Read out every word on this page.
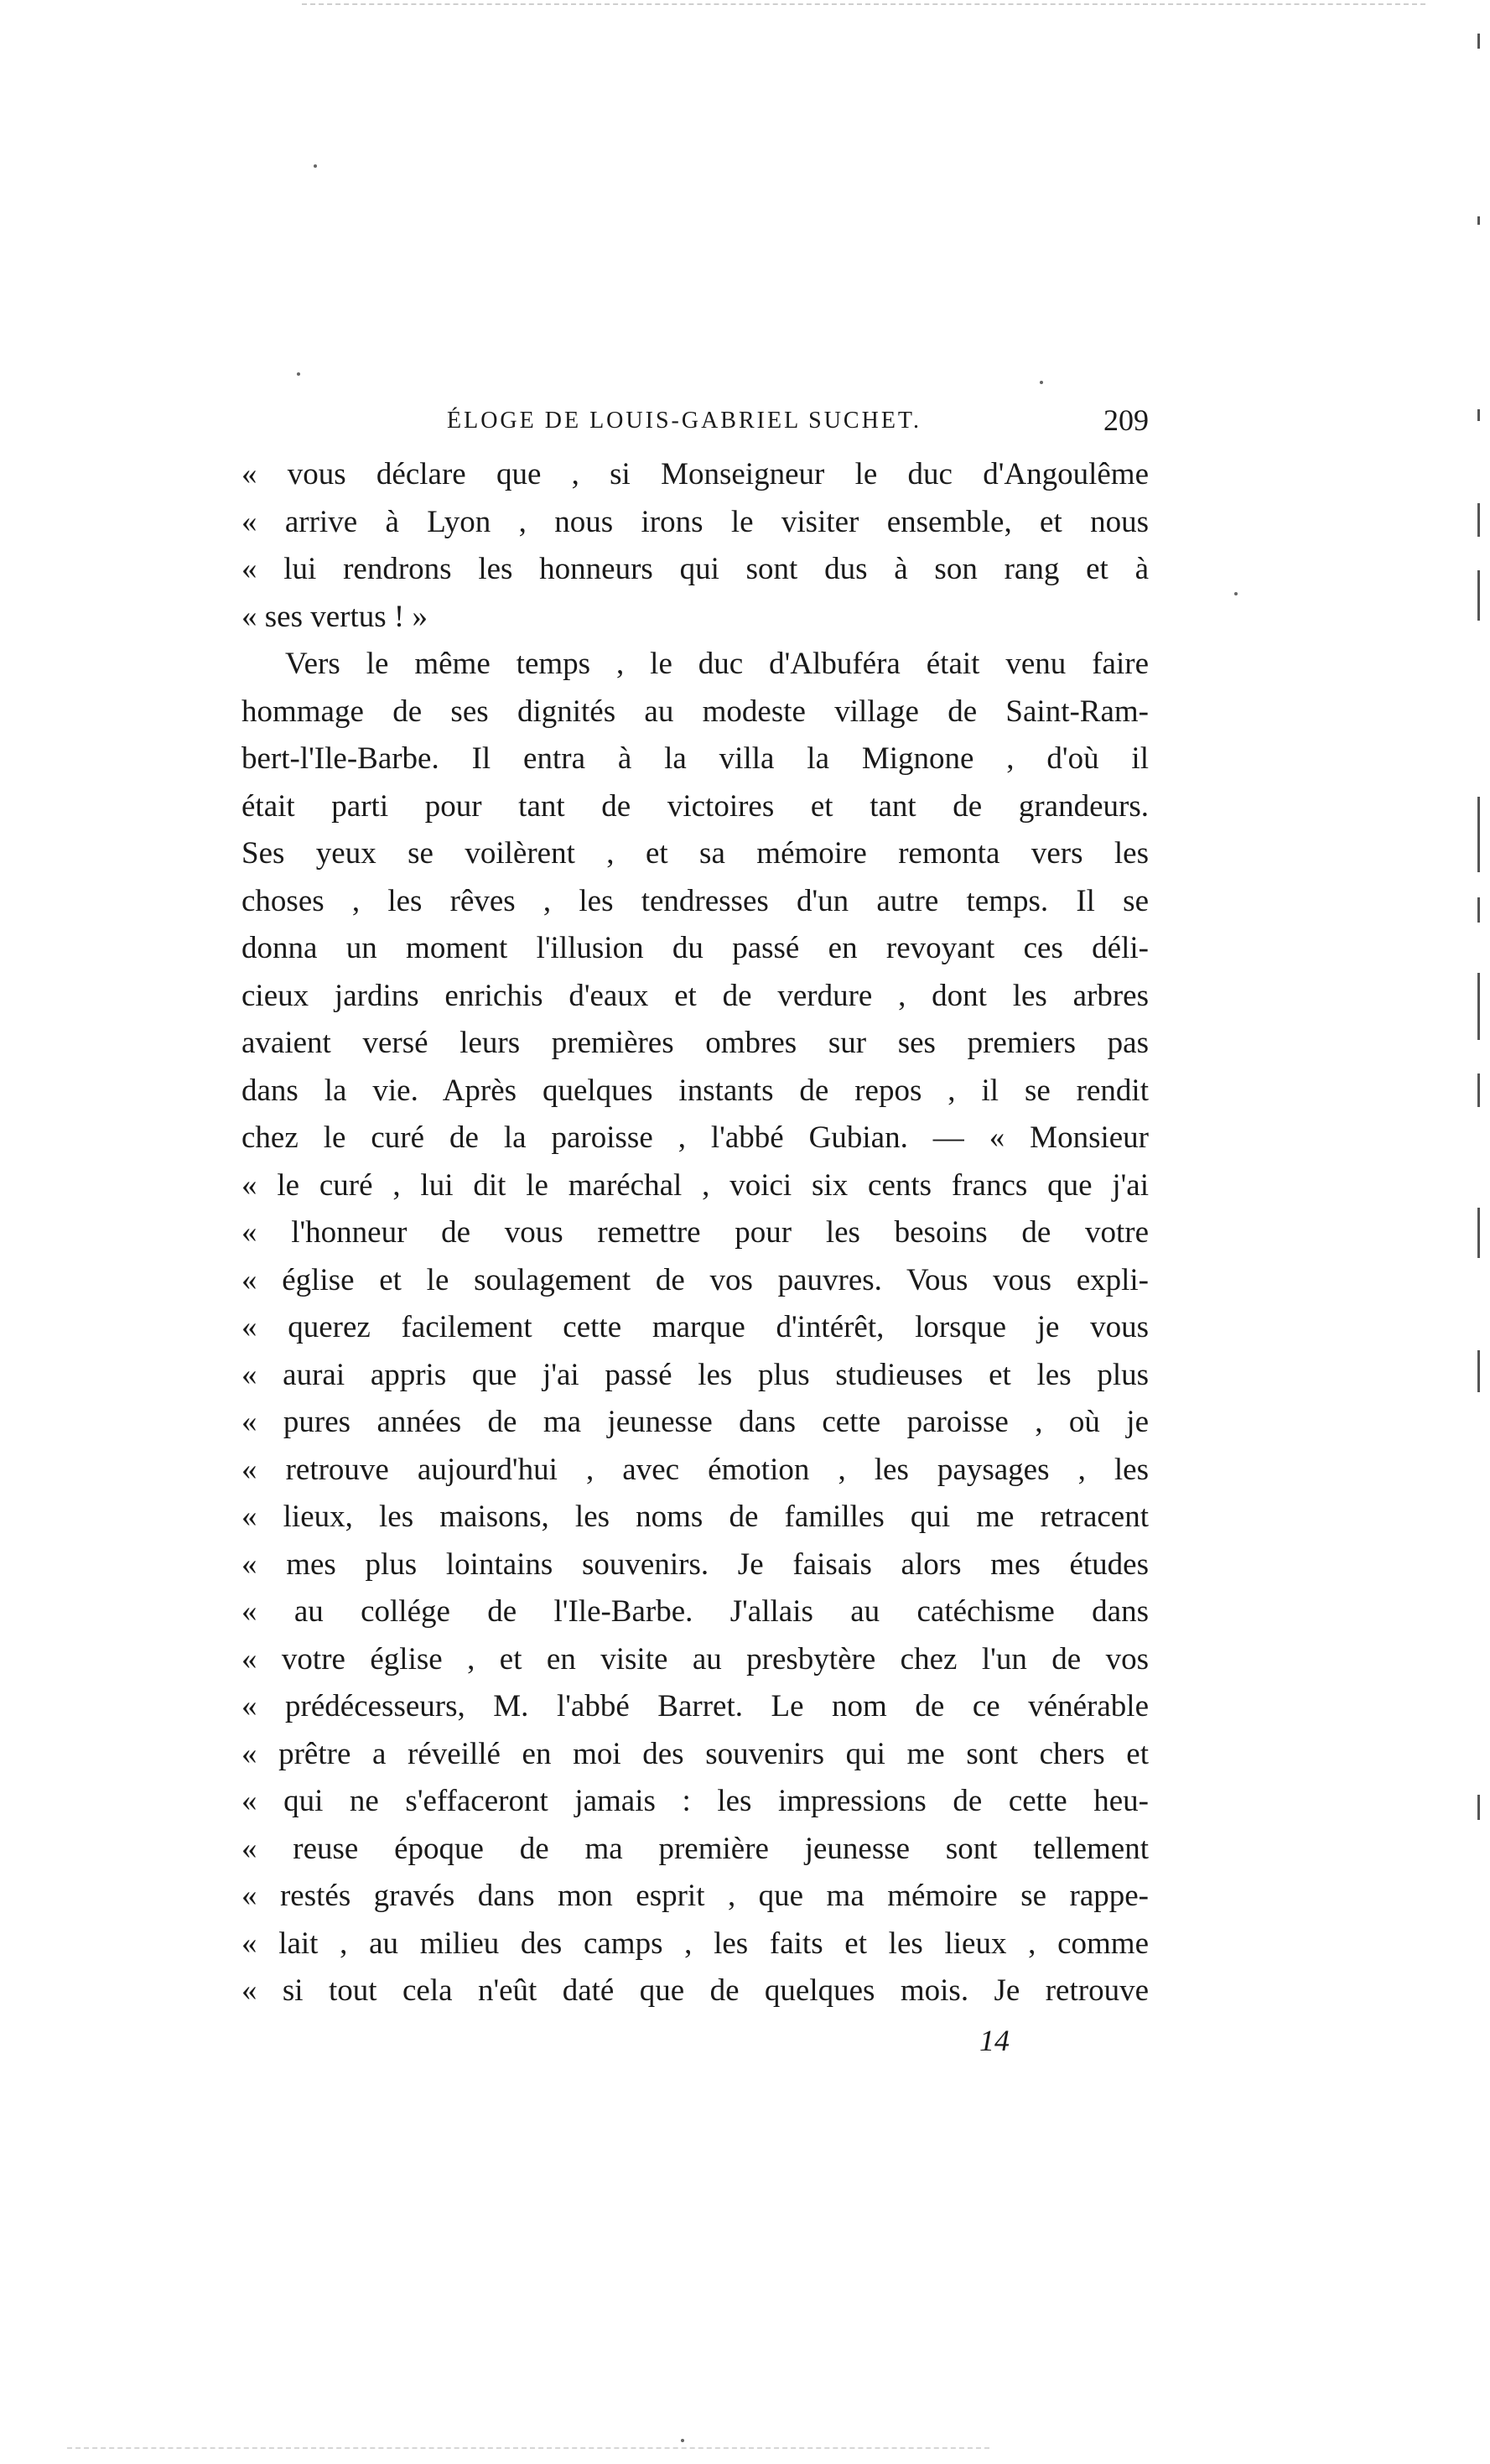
ÉLOGE DE LOUIS-GABRIEL SUCHET.	209
« vous déclare que , si Monseigneur le duc d'Angoulême
« arrive à Lyon , nous irons le visiter ensemble, et nous
« lui rendrons les honneurs qui sont dus à son rang et à
« ses vertus ! »
Vers le même temps , le duc d'Albuféra était venu faire
hommage de ses dignités au modeste village de Saint-Ram-
bert-l'Ile-Barbe. Il entra à la villa la Mignone , d'où il
était parti pour tant de victoires et tant de grandeurs.
Ses yeux se voilèrent , et sa mémoire remonta vers les
choses , les rêves , les tendresses d'un autre temps. Il se
donna un moment l'illusion du passé en revoyant ces déli-
cieux jardins enrichis d'eaux et de verdure , dont les arbres
avaient versé leurs premières ombres sur ses premiers pas
dans la vie. Après quelques instants de repos , il se rendit
chez le curé de la paroisse , l'abbé Gubian. — « Monsieur
« le curé , lui dit le maréchal , voici six cents francs que j'ai
« l'honneur de vous remettre pour les besoins de votre
« église et le soulagement de vos pauvres. Vous vous expli-
« querez facilement cette marque d'intérêt, lorsque je vous
« aurai appris que j'ai passé les plus studieuses et les plus
« pures années de ma jeunesse dans cette paroisse , où je
« retrouve aujourd'hui , avec émotion , les paysages , les
« lieux, les maisons, les noms de familles qui me retracent
« mes plus lointains souvenirs. Je faisais alors mes études
« au collége de l'Ile-Barbe. J'allais au catéchisme dans
« votre église , et en visite au presbytère chez l'un de vos
« prédécesseurs, M. l'abbé Barret. Le nom de ce vénérable
« prêtre a réveillé en moi des souvenirs qui me sont chers et
« qui ne s'effaceront jamais : les impressions de cette heu-
« reuse époque de ma première jeunesse sont tellement
« restés gravés dans mon esprit , que ma mémoire se rappe-
« lait , au milieu des camps , les faits et les lieux , comme
« si tout cela n'eût daté que de quelques mois. Je retrouve
14
